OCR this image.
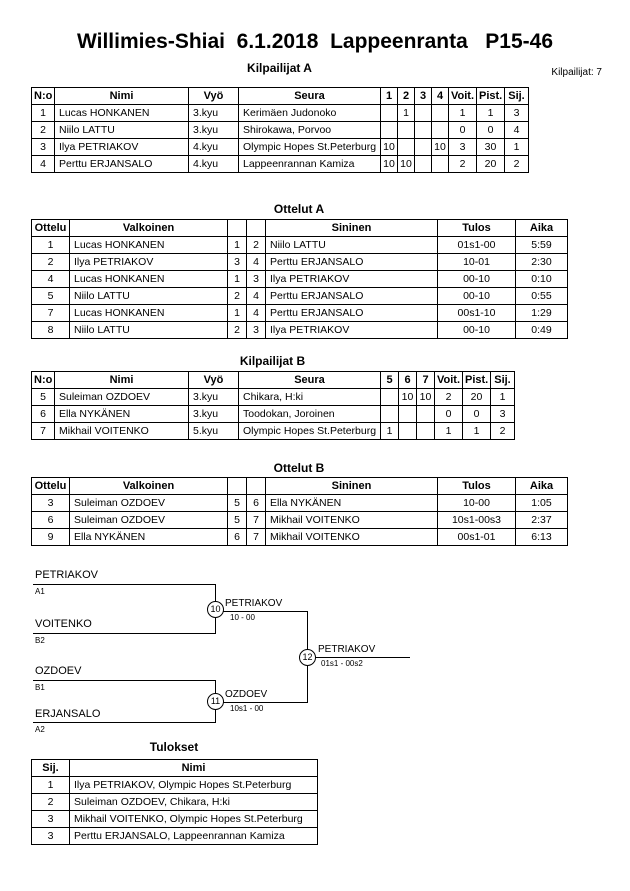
Willimies-Shiai  6.1.2018  Lappeenranta   P15-46
Kilpailijat A	Kilpailijat: 7
N:o	Nimi	Vyö	Seura	1	2	3	4	Voit.	Pist.	Sij.
1	Lucas HONKANEN	3.kyu	Kerimäen Judonoko		1			1	1	3
2	Niilo LATTU	3.kyu	Shirokawa, Porvoo					0	0	4
3	Ilya PETRIAKOV	4.kyu	Olympic Hopes St.Peterburg	10			10	3	30	1
4	Perttu ERJANSALO	4.kyu	Lappeenrannan Kamiza	10	10			2	20	2
Ottelut A
Ottelu	Valkoinen			Sininen	Tulos	Aika
1	Lucas HONKANEN	1	2	Niilo LATTU	01s1-00	5:59
2	Ilya PETRIAKOV	3	4	Perttu ERJANSALO	10-01	2:30
4	Lucas HONKANEN	1	3	Ilya PETRIAKOV	00-10	0:10
5	Niilo LATTU	2	4	Perttu ERJANSALO	00-10	0:55
7	Lucas HONKANEN	1	4	Perttu ERJANSALO	00s1-10	1:29
8	Niilo LATTU	2	3	Ilya PETRIAKOV	00-10	0:49
Kilpailijat B
N:o	Nimi	Vyö	Seura	5	6	7	Voit.	Pist.	Sij.
5	Suleiman OZDOEV	3.kyu	Chikara, H:ki		10	10	2	20	1
6	Ella NYKÄNEN	3.kyu	Toodokan, Joroinen				0	0	3
7	Mikhail VOITENKO	5.kyu	Olympic Hopes St.Peterburg	1			1	1	2
Ottelut B
Ottelu	Valkoinen			Sininen	Tulos	Aika
3	Suleiman OZDOEV	5	6	Ella NYKÄNEN	10-00	1:05
6	Suleiman OZDOEV	5	7	Mikhail VOITENKO	10s1-00s3	2:37
9	Ella NYKÄNEN	6	7	Mikhail VOITENKO	00s1-01	6:13
PETRIAKOV
A1
VOITENKO
B2
PETRIAKOV
10 - 00
10
OZDOEV
B1
ERJANSALO
A2
OZDOEV
10s1 - 00
11
PETRIAKOV
01s1 - 00s2
12
Tulokset
Sij.	Nimi
1	Ilya PETRIAKOV, Olympic Hopes St.Peterburg
2	Suleiman OZDOEV, Chikara, H:ki
3	Mikhail VOITENKO, Olympic Hopes St.Peterburg
3	Perttu ERJANSALO, Lappeenrannan Kamiza
